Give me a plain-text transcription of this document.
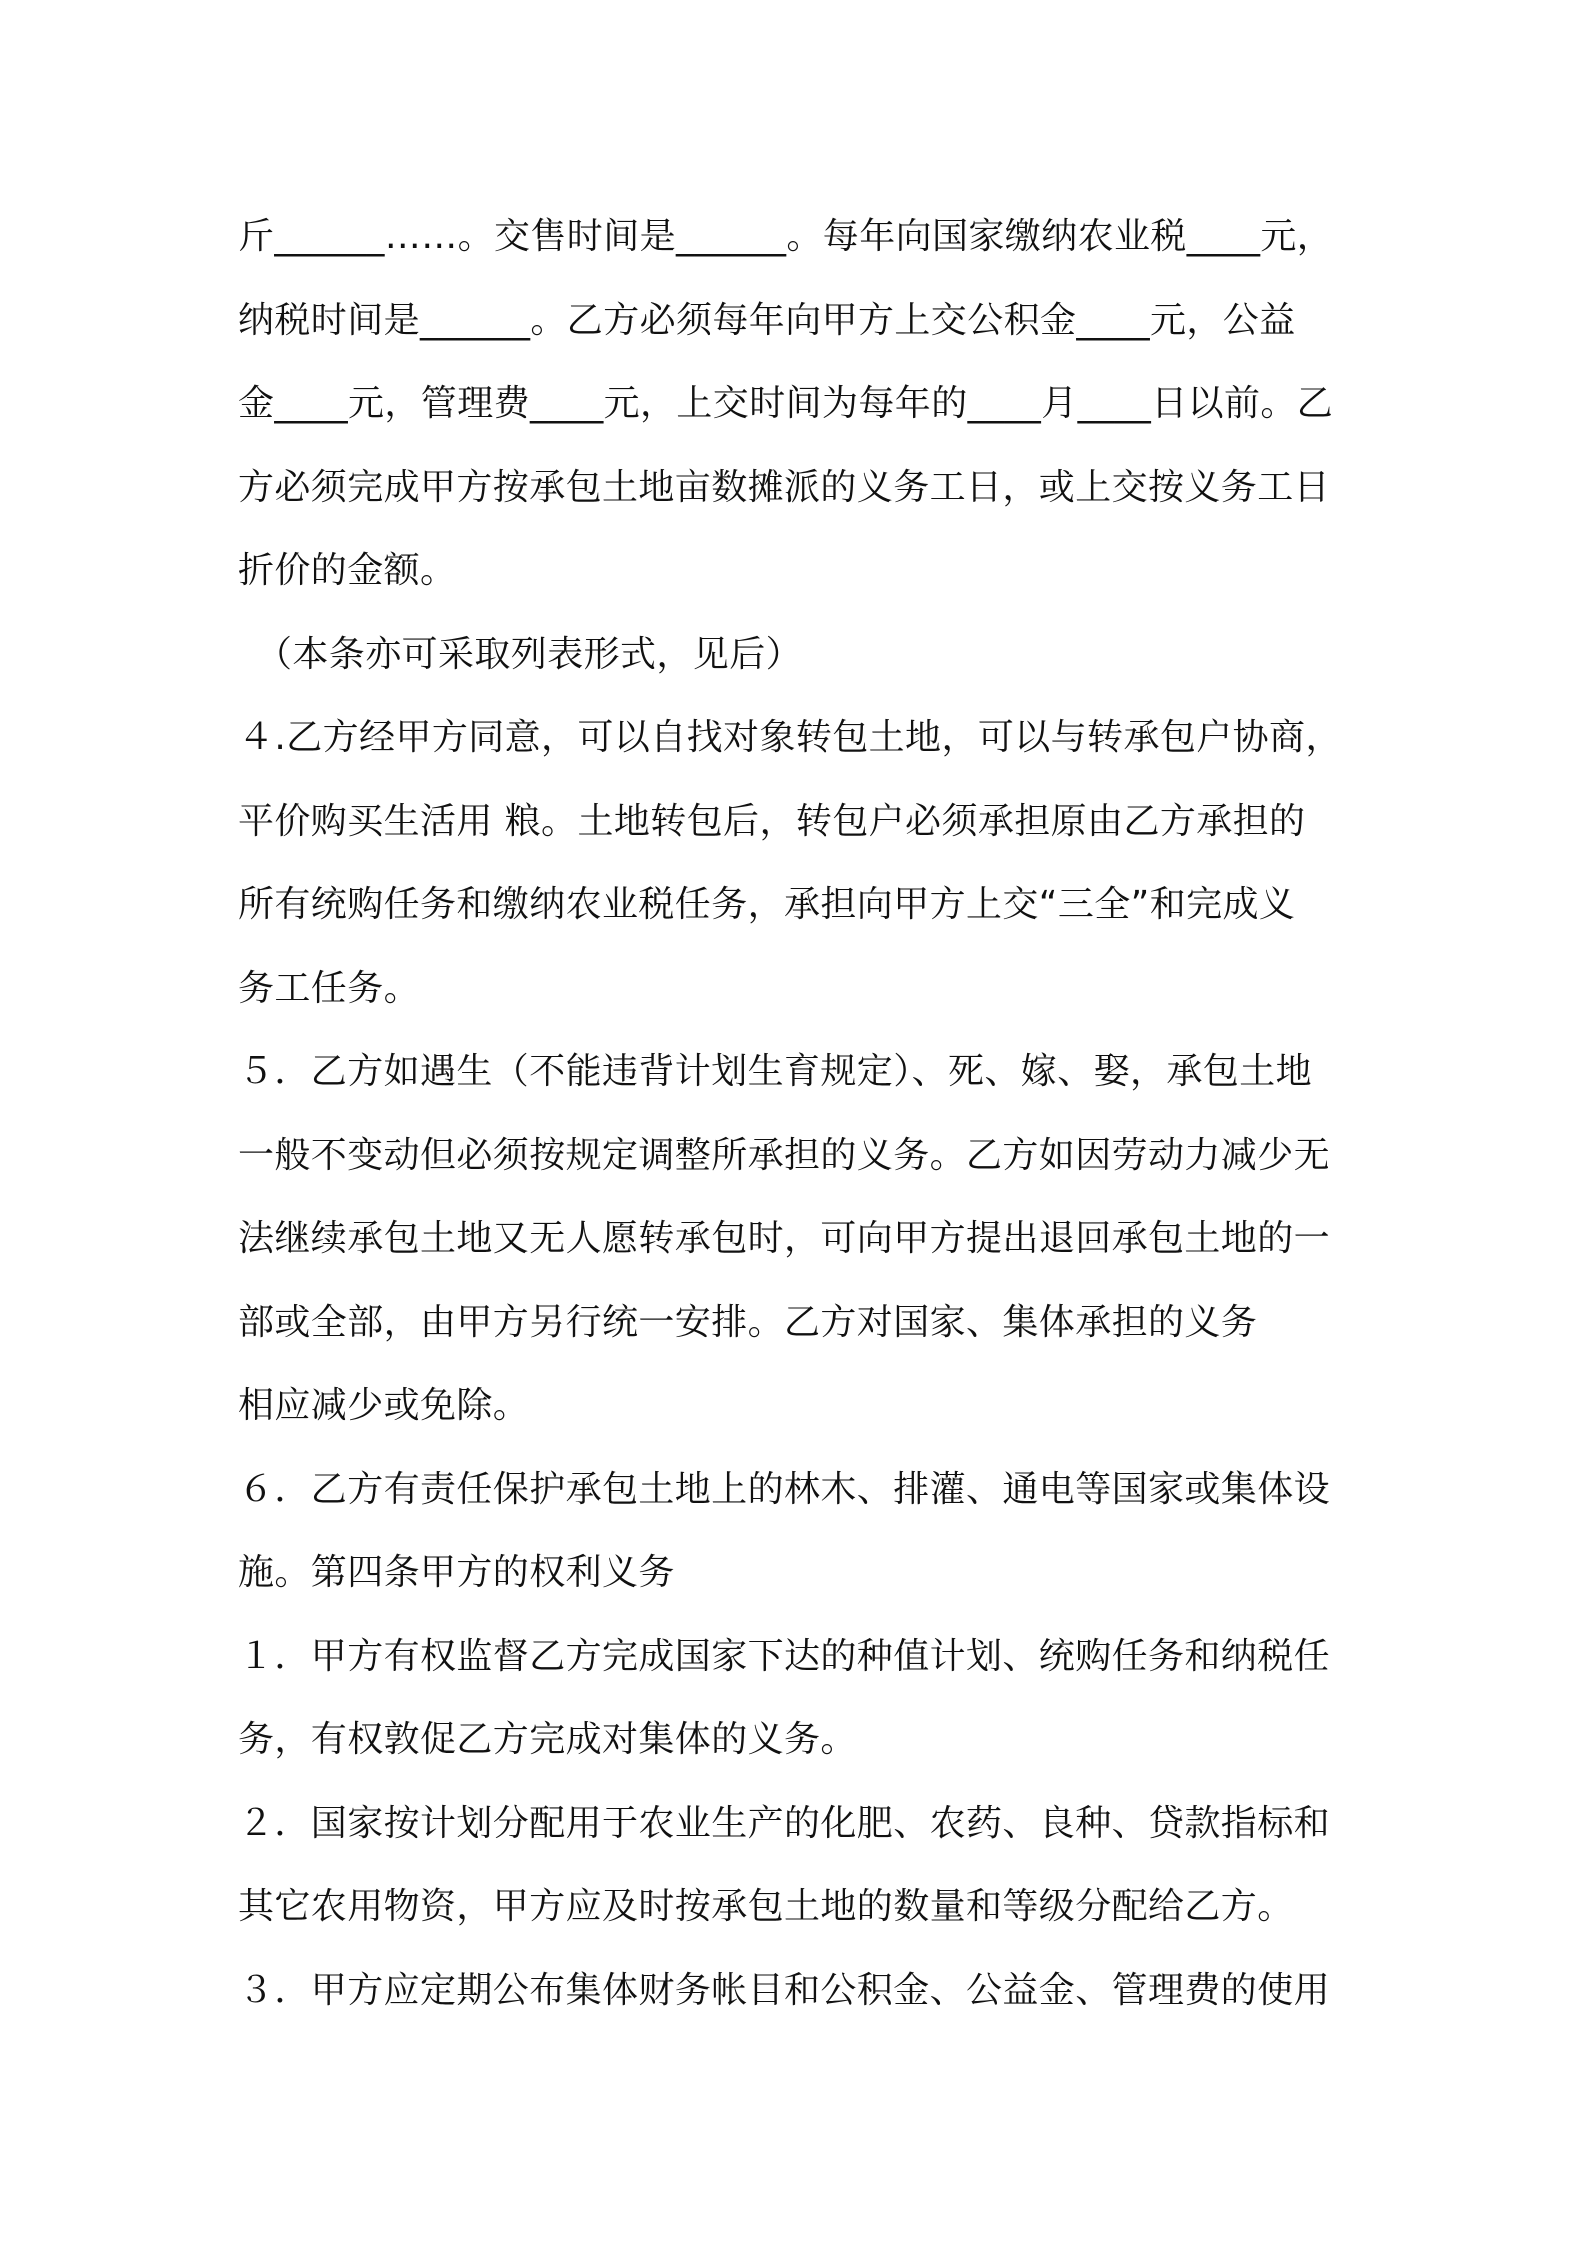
斤______……。交售时间是______。每年向国家缴纳农业税____元，
纳税时间是______。乙方必须每年向甲方上交公积金____元，公益
金____元，管理费____元，上交时间为每年的____月____日以前。乙
方必须完成甲方按承包土地亩数摊派的义务工日，或上交按义务工日
折价的金额。
（本条亦可采取列表形式，见后）
４.乙方经甲方同意，可以自找对象转包土地，可以与转承包户协商，
平价购买生活用 粮。土地转包后，转包户必须承担原由乙方承担的
所有统购任务和缴纳农业税任务，承担向甲方上交“三全”和完成义
务工任务。
５．乙方如遇生（不能违背计划生育规定）、死、嫁、娶，承包土地
一般不变动但必须按规定调整所承担的义务。乙方如因劳动力减少无
法继续承包土地又无人愿转承包时，可向甲方提出退回承包土地的一
部或全部，由甲方另行统一安排。乙方对国家、集体承担的义务
相应减少或免除。
６．乙方有责任保护承包土地上的林木、排灌、通电等国家或集体设
施。第四条甲方的权利义务
１．甲方有权监督乙方完成国家下达的种值计划、统购任务和纳税任
务，有权敦促乙方完成对集体的义务。
２．国家按计划分配用于农业生产的化肥、农药、良种、贷款指标和
其它农用物资，甲方应及时按承包土地的数量和等级分配给乙方。
３．甲方应定期公布集体财务帐目和公积金、公益金、管理费的使用
